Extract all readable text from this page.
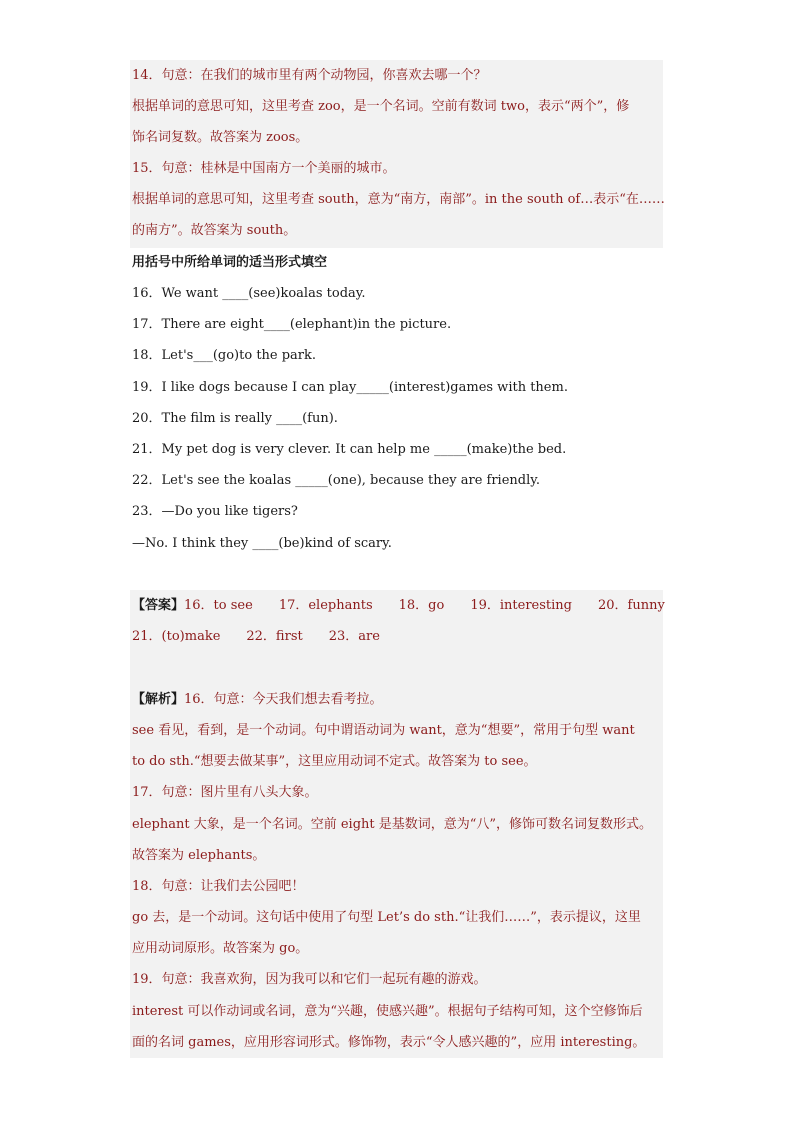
14．句意：在我们的城市里有两个动物园，你喜欢去哪一个？
根据单词的意思可知，这里考查 zoo，是一个名词。空前有数词 two，表示“两个”，修
饰名词复数。故答案为 zoos。
15．句意：桂林是中国南方一个美丽的城市。
根据单词的意思可知，这里考查 south，意为“南方，南部”。in the south of…表示“在……
的南方”。故答案为 south。
用括号中所给单词的适当形式填空
16．We want ____(see)koalas today.
17．There are eight____(elephant)in the picture.
18．Let's___(go)to the park.
19．I like dogs because I can play_____(interest)games with them.
20．The film is really ____(fun).
21．My pet dog is very clever. It can help me _____(make)the bed.
22．Let's see the koalas _____(one), because they are friendly.
23．—Do you like tigers?
—No. I think they ____(be)kind of scary.
【答案】16．to see 17．elephants 18．go 19．interesting 20．funny
21．(to)make 22．first 23．are
【解析】16．句意：今天我们想去看考拉。
see 看见，看到，是一个动词。句中谓语动词为 want，意为“想要”，常用于句型 want
to do sth.“想要去做某事”，这里应用动词不定式。故答案为 to see。
17．句意：图片里有八头大象。
elephant 大象，是一个名词。空前 eight 是基数词，意为“八”，修饰可数名词复数形式。
故答案为 elephants。
18．句意：让我们去公园吧！
go 去，是一个动词。这句话中使用了句型 Let’s do sth.“让我们……”，表示提议，这里
应用动词原形。故答案为 go。
19．句意：我喜欢狗，因为我可以和它们一起玩有趣的游戏。
interest 可以作动词或名词，意为“兴趣，使感兴趣”。根据句子结构可知，这个空修饰后
面的名词 games，应用形容词形式。修饰物，表示“令人感兴趣的”，应用 interesting。
